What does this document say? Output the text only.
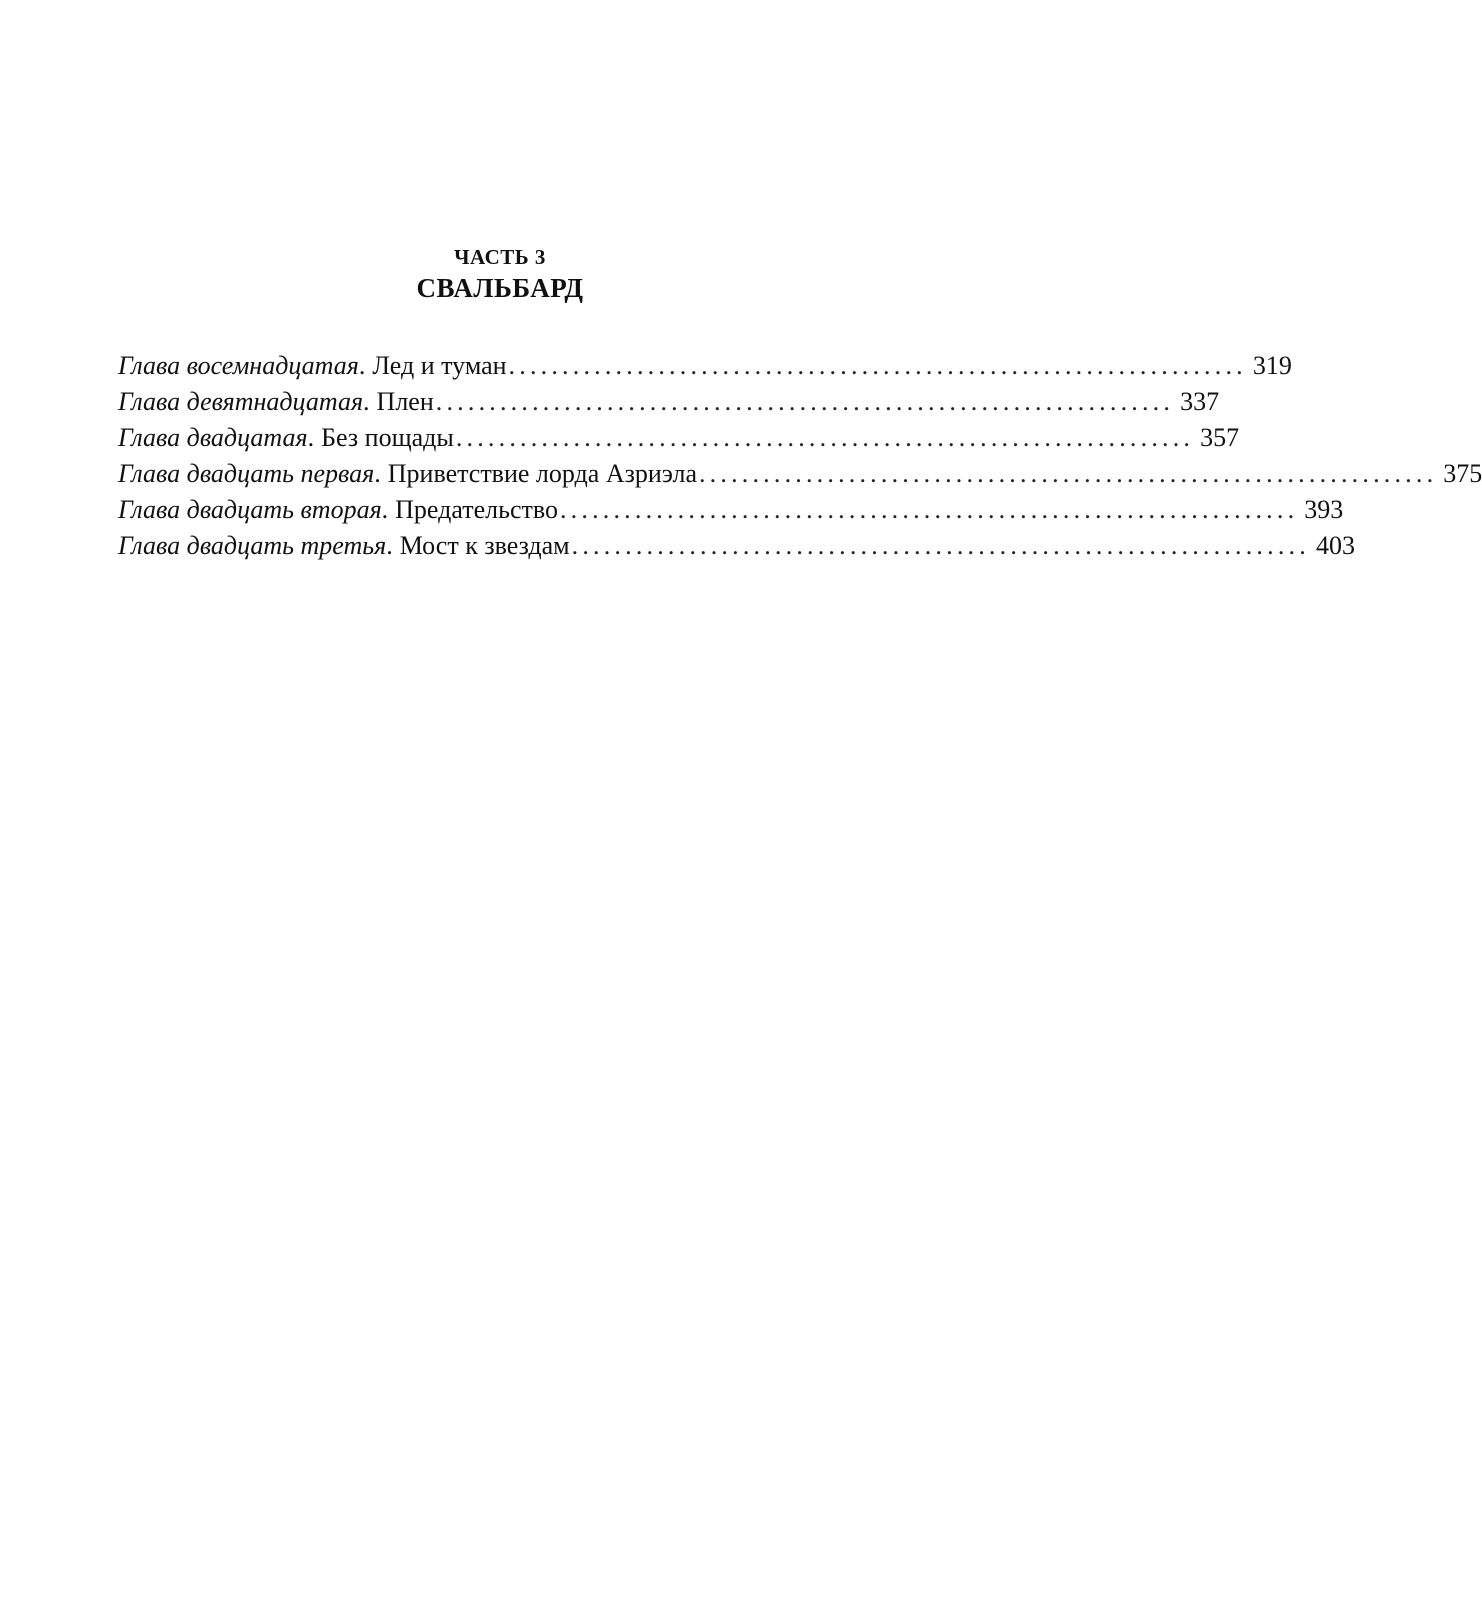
ЧАСТЬ 3
СВАЛЬБАРД
Глава восемнадцатая . Лед и туман ..................................................................... 319
Глава девятнадцатая . Плен ..................................................................... 337
Глава двадцатая . Без пощады ..................................................................... 357
Глава двадцать первая . Приветствие лорда Азриэла ..................................................................... 375
Глава двадцать вторая . Предательство ..................................................................... 393
Глава двадцать третья . Мост к звездам ..................................................................... 403
